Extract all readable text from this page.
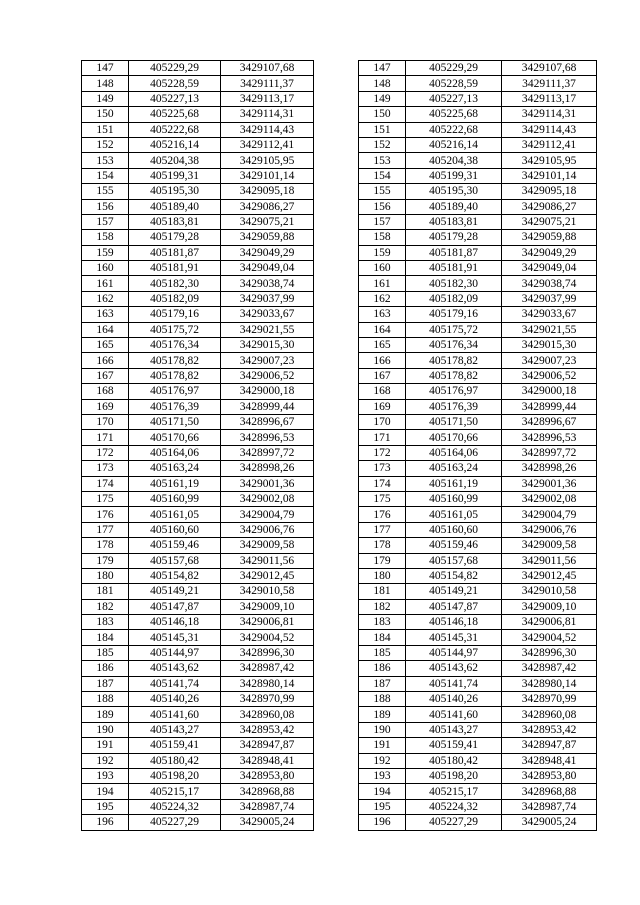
147	405229,29	3429107,68		147	405229,29	3429107,68
148	405228,59	3429111,37		148	405228,59	3429111,37
149	405227,13	3429113,17		149	405227,13	3429113,17
150	405225,68	3429114,31		150	405225,68	3429114,31
151	405222,68	3429114,43		151	405222,68	3429114,43
152	405216,14	3429112,41		152	405216,14	3429112,41
153	405204,38	3429105,95		153	405204,38	3429105,95
154	405199,31	3429101,14		154	405199,31	3429101,14
155	405195,30	3429095,18		155	405195,30	3429095,18
156	405189,40	3429086,27		156	405189,40	3429086,27
157	405183,81	3429075,21		157	405183,81	3429075,21
158	405179,28	3429059,88		158	405179,28	3429059,88
159	405181,87	3429049,29		159	405181,87	3429049,29
160	405181,91	3429049,04		160	405181,91	3429049,04
161	405182,30	3429038,74		161	405182,30	3429038,74
162	405182,09	3429037,99		162	405182,09	3429037,99
163	405179,16	3429033,67		163	405179,16	3429033,67
164	405175,72	3429021,55		164	405175,72	3429021,55
165	405176,34	3429015,30		165	405176,34	3429015,30
166	405178,82	3429007,23		166	405178,82	3429007,23
167	405178,82	3429006,52		167	405178,82	3429006,52
168	405176,97	3429000,18		168	405176,97	3429000,18
169	405176,39	3428999,44		169	405176,39	3428999,44
170	405171,50	3428996,67		170	405171,50	3428996,67
171	405170,66	3428996,53		171	405170,66	3428996,53
172	405164,06	3428997,72		172	405164,06	3428997,72
173	405163,24	3428998,26		173	405163,24	3428998,26
174	405161,19	3429001,36		174	405161,19	3429001,36
175	405160,99	3429002,08		175	405160,99	3429002,08
176	405161,05	3429004,79		176	405161,05	3429004,79
177	405160,60	3429006,76		177	405160,60	3429006,76
178	405159,46	3429009,58		178	405159,46	3429009,58
179	405157,68	3429011,56		179	405157,68	3429011,56
180	405154,82	3429012,45		180	405154,82	3429012,45
181	405149,21	3429010,58		181	405149,21	3429010,58
182	405147,87	3429009,10		182	405147,87	3429009,10
183	405146,18	3429006,81		183	405146,18	3429006,81
184	405145,31	3429004,52		184	405145,31	3429004,52
185	405144,97	3428996,30		185	405144,97	3428996,30
186	405143,62	3428987,42		186	405143,62	3428987,42
187	405141,74	3428980,14		187	405141,74	3428980,14
188	405140,26	3428970,99		188	405140,26	3428970,99
189	405141,60	3428960,08		189	405141,60	3428960,08
190	405143,27	3428953,42		190	405143,27	3428953,42
191	405159,41	3428947,87		191	405159,41	3428947,87
192	405180,42	3428948,41		192	405180,42	3428948,41
193	405198,20	3428953,80		193	405198,20	3428953,80
194	405215,17	3428968,88		194	405215,17	3428968,88
195	405224,32	3428987,74		195	405224,32	3428987,74
196	405227,29	3429005,24		196	405227,29	3429005,24
